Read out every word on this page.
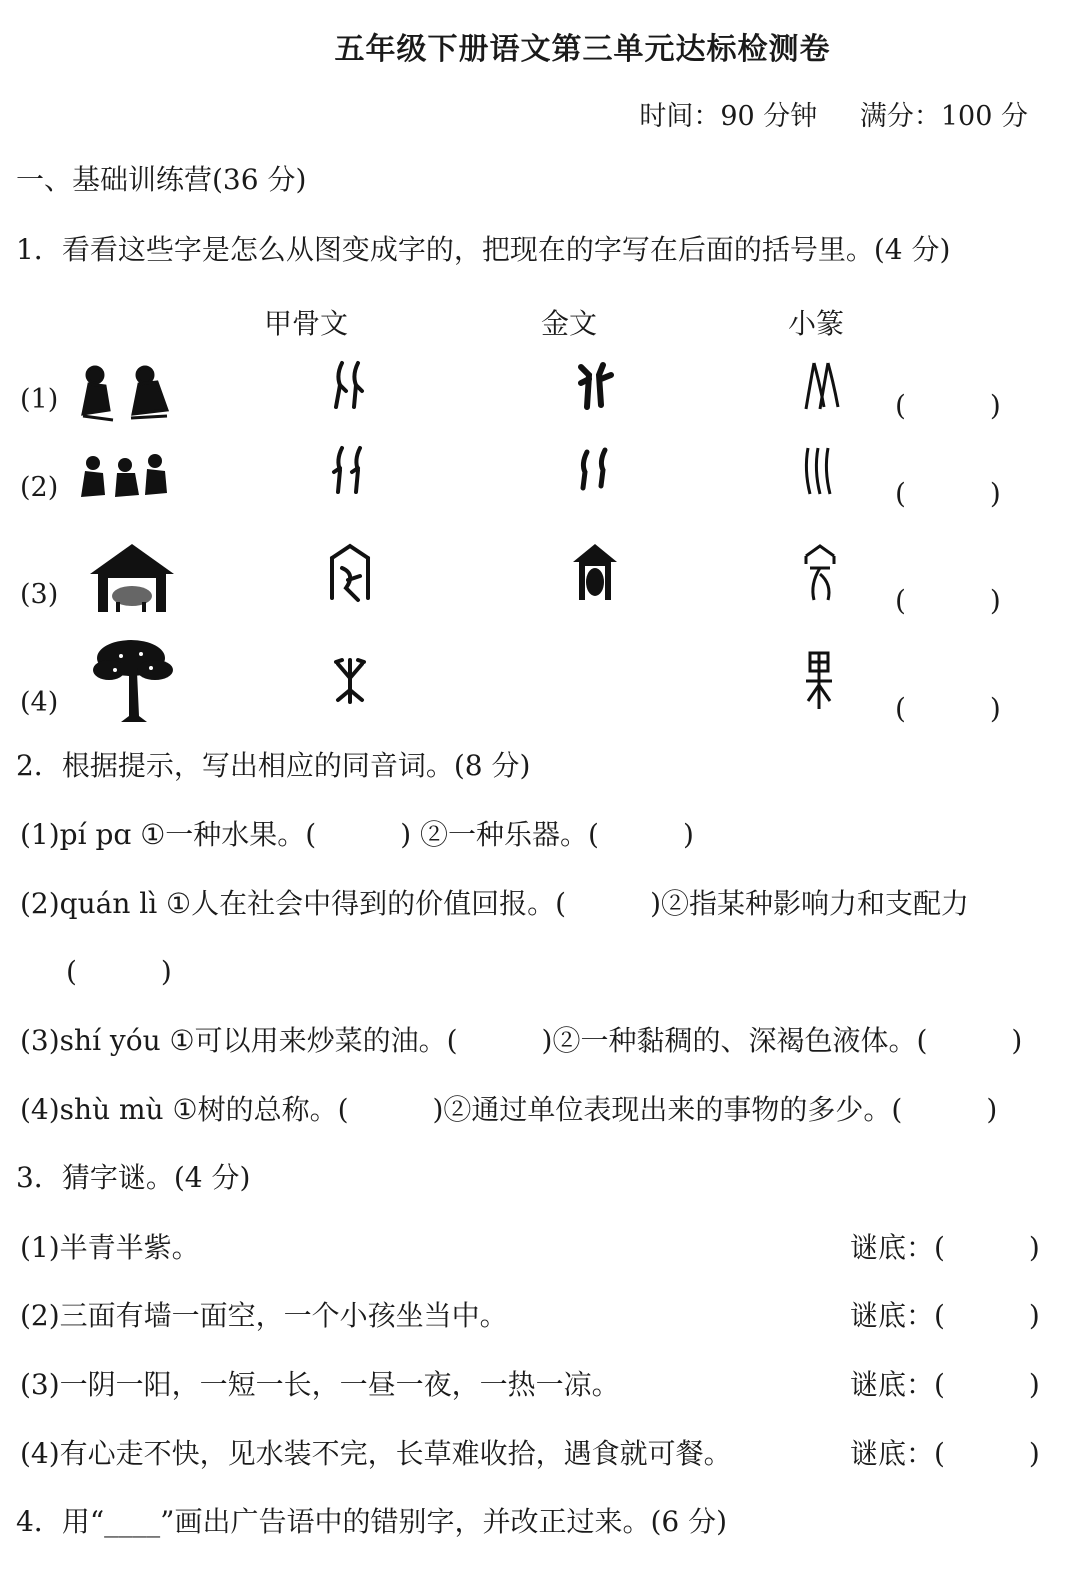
五年级下册语文第三单元达标检测卷
时间：90 分钟 满分：100 分
一、基础训练营(36 分)
1．看看这些字是怎么从图变成字的，把现在的字写在后面的括号里。(4 分)
甲骨文	金文	小篆
(1)
(2)
(3)
(4)
(　　　)
(　　　)
(　　　)
(　　　)
2．根据提示，写出相应的同音词。(8 分)
(1)pí pɑ ①一种水果。(　　　) ②一种乐器。(　　　)
(2)quán lì ①人在社会中得到的价值回报。(　　　)②指某种影响力和支配力
(　　　)
(3)shí yóu ①可以用来炒菜的油。(　　　)②一种黏稠的、深褐色液体。(　　　)
(4)shù mù ①树的总称。(　　　)②通过单位表现出来的事物的多少。(　　　)
3．猜字谜。(4 分)
(1)半青半紫。
(2)三面有墙一面空，一个小孩坐当中。
(3)一阴一阳，一短一长，一昼一夜，一热一凉。
(4)有心走不快，见水装不完，长草难收拾，遇食就可餐。
谜底：(　　　)
谜底：(　　　)
谜底：(　　　)
谜底：(　　　)
4．用“____”画出广告语中的错别字，并改正过来。(6 分)
